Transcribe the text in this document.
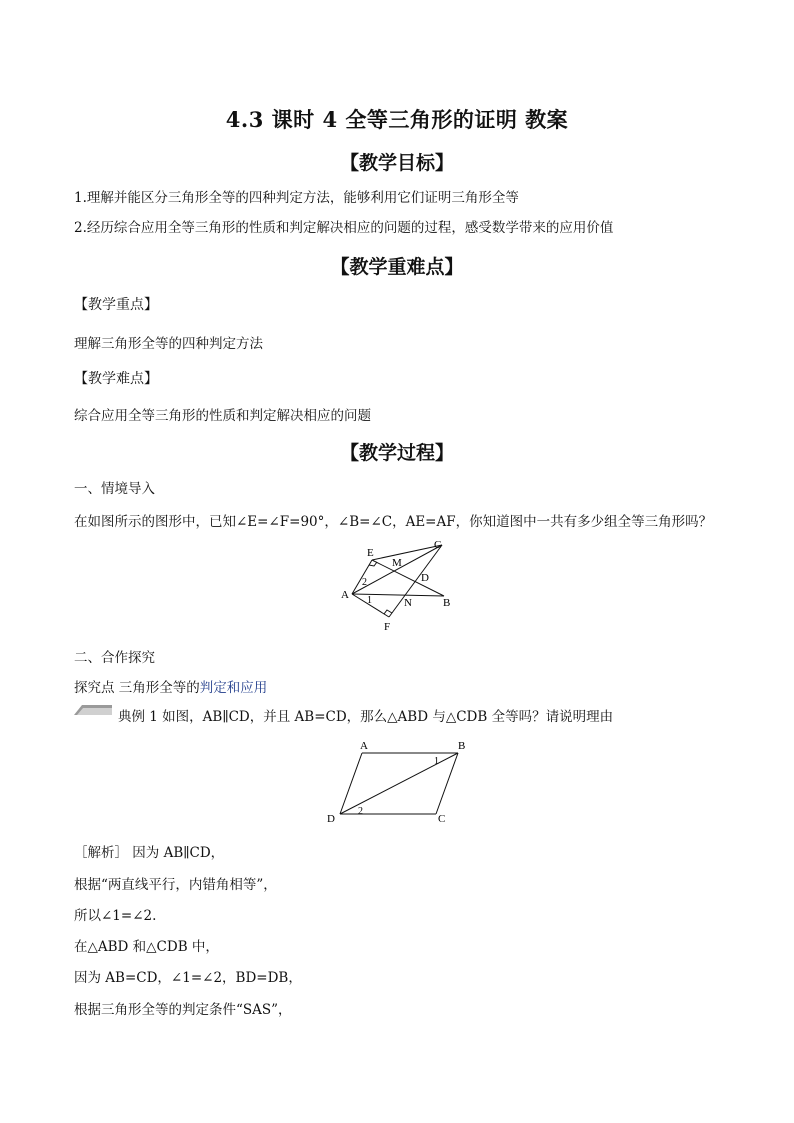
4.3 课时 4 全等三角形的证明 教案
【教学目标】
1.理解并能区分三角形全等的四种判定方法，能够利用它们证明三角形全等
2.经历综合应用全等三角形的性质和判定解决相应的问题的过程，感受数学带来的应用价值
【教学重难点】
【教学重点】
理解三角形全等的四种判定方法
【教学难点】
综合应用全等三角形的性质和判定解决相应的问题
【教学过程】
一、情境导入
在如图所示的图形中，已知∠E=∠F=90°，∠B=∠C，AE=AF，你知道图中一共有多少组全等三角形吗？
E
M
C
A
D
B
N
F
1
2
二、合作探究
探究点 三角形全等的判定和应用
典例 1 如图，AB∥CD，并且 AB=CD，那么△ABD 与△CDB 全等吗？请说明理由
A	B
C
D
1
2
［解析］ 因为 AB∥CD，
根据“两直线平行，内错角相等”，
所以∠1=∠2.
在△ABD 和△CDB 中，
因为 AB=CD，∠1=∠2，BD=DB，
根据三角形全等的判定条件“SAS”，
